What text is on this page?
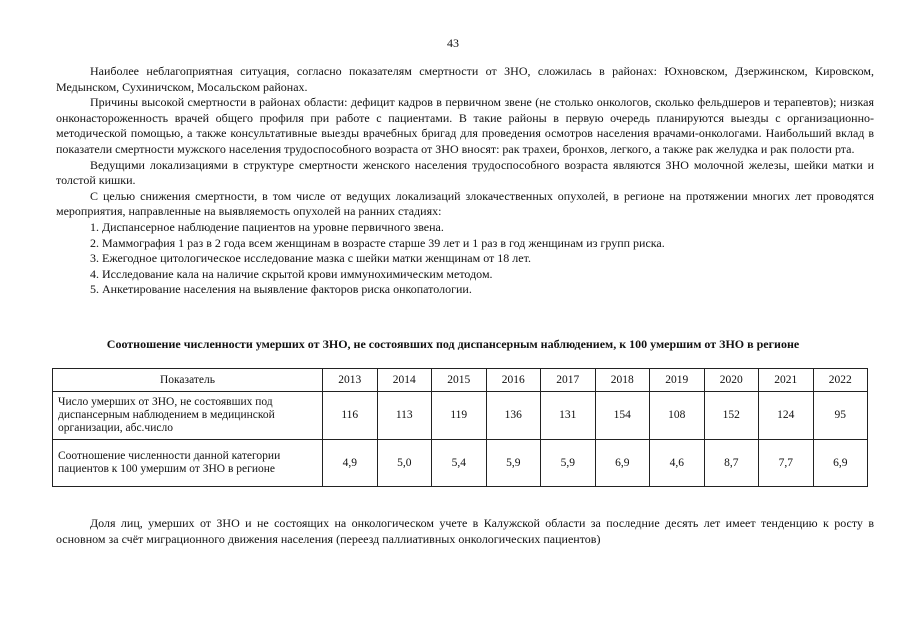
43

Наиболее неблагоприятная ситуация, согласно показателям смертности от ЗНО, сложилась в районах: Юхновском, Дзержинском, Кировском, Медынском, Сухиничском, Мосальском районах.

Причины высокой смертности в районах области: дефицит кадров в первичном звене (не столько онкологов, сколько фельдшеров и терапевтов); низкая онконастороженность врачей общего профиля при работе с пациентами. В такие районы в первую очередь планируются выезды с организационно-методической помощью, а также консультативные выезды врачебных бригад для проведения осмотров населения врачами-онкологами. Наибольший вклад в показатели смертности мужского населения трудоспособного возраста от ЗНО вносят: рак трахеи, бронхов, легкого, а также рак желудка и рак полости рта.

Ведущими локализациями в структуре смертности женского населения трудоспособного возраста являются ЗНО молочной железы, шейки матки и толстой кишки.

С целью снижения смертности, в том числе от ведущих локализаций злокачественных опухолей, в регионе на протяжении многих лет проводятся мероприятия, направленные на выявляемость опухолей на ранних стадиях:

1. Диспансерное наблюдение пациентов на уровне первичного звена.

2. Маммография 1 раз в 2 года всем женщинам в возрасте старше 39 лет и 1 раз в год женщинам из групп риска.

3. Ежегодное цитологическое исследование мазка с шейки матки женщинам от 18 лет.

4. Исследование кала на наличие скрытой крови иммунохимическим методом.

5. Анкетирование населения на выявление факторов риска онкопатологии.

Соотношение численности умерших от ЗНО, не состоявших под диспансерным наблюдением, к 100 умершим от ЗНО в регионе
Показатель	2013	2014	2015	2016	2017	2018	2019	2020	2021	2022
Число умерших от ЗНО, не состоявших под диспансерным наблюдением в медицинской организации, абс.число	116	113	119	136	131	154	108	152	124	95
Соотношение численности данной категории пациентов к 100 умершим от ЗНО в регионе	4,9	5,0	5,4	5,9	5,9	6,9	4,6	8,7	7,7	6,9

Доля лиц, умерших от ЗНО и не состоящих на онкологическом учете в Калужской области за последние десять лет имеет тенденцию к росту в основном за счёт миграционного движения населения (переезд паллиативных онкологических пациентов)
